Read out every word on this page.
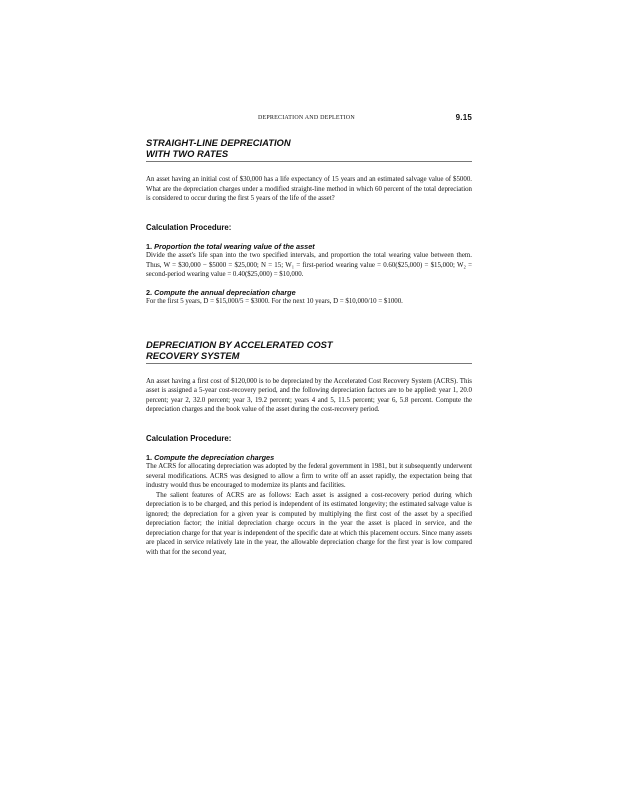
DEPRECIATION AND DEPLETION	9.15
STRAIGHT-LINE DEPRECIATION
WITH TWO RATES

An asset having an initial cost of $30,000 has a life expectancy of 15 years and an estimated salvage value of $5000. What are the depreciation charges under a modified straight-line method in which 60 percent of the total depreciation is considered to occur during the first 5 years of the life of the asset?

Calculation Procedure:
1. Proportion the total wearing value of the asset

Divide the asset's life span into the two specified intervals, and proportion the total wearing value between them. Thus, W = $30,000 − $5000 = $25,000; N = 15; W₁ = first-period wearing value = 0.60($25,000) = $15,000; W₂ = second-period wearing value = 0.40($25,000) = $10,000.

2. Compute the annual depreciation charge

For the first 5 years, D = $15,000/5 = $3000. For the next 10 years, D = $10,000/10 = $1000.

DEPRECIATION BY ACCELERATED COST
RECOVERY SYSTEM

An asset having a first cost of $120,000 is to be depreciated by the Accelerated Cost Recovery System (ACRS). This asset is assigned a 5-year cost-recovery period, and the following depreciation factors are to be applied: year 1, 20.0 percent; year 2, 32.0 percent; year 3, 19.2 percent; years 4 and 5, 11.5 percent; year 6, 5.8 percent. Compute the depreciation charges and the book value of the asset during the cost-recovery period.

Calculation Procedure:
1. Compute the depreciation charges

The ACRS for allocating depreciation was adopted by the federal government in 1981, but it subsequently underwent several modifications. ACRS was designed to allow a firm to write off an asset rapidly, the expectation being that industry would thus be encouraged to modernize its plants and facilities.

The salient features of ACRS are as follows: Each asset is assigned a cost-recovery period during which depreciation is to be charged, and this period is independent of its estimated longevity; the estimated salvage value is ignored; the depreciation for a given year is computed by multiplying the first cost of the asset by a specified depreciation factor; the initial depreciation charge occurs in the year the asset is placed in service, and the depreciation charge for that year is independent of the specific date at which this placement occurs. Since many assets are placed in service relatively late in the year, the allowable depreciation charge for the first year is low compared with that for the second year,
